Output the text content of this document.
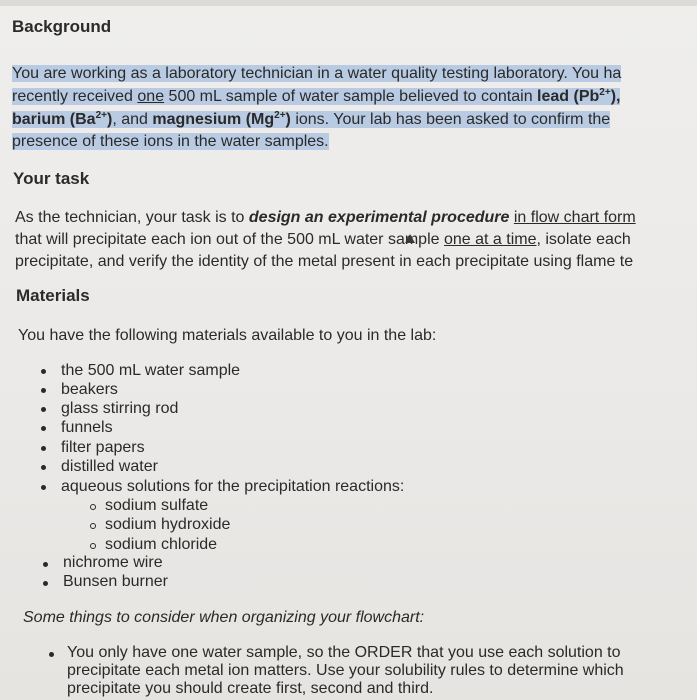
Background

You are working as a laboratory technician in a water quality testing laboratory. You ha

recently received one 500 mL sample of water sample believed to contain lead $(Pb^{2+})$,

barium $(Ba^{2+})$, and magnesium $(Mg^{2+})$ ions. Your lab has been asked to confirm the

presence of these ions in the water samples.

Your task

As the technician, your task is to design an experimental procedure in flow chart form

that will precipitate each ion out of the 500 mL water sample one at a time, isolate each

precipitate, and verify the identity of the metal present in each precipitate using flame te

Materials

You have the following materials available to you in the lab:

the 500 mL water sample

beakers

glass stirring rod

funnels

filter papers

distilled water

aqueous solutions for the precipitation reactions:

sodium sulfate

sodium hydroxide

sodium chloride

nichrome wire

Bunsen burner

Some things to consider when organizing your flowchart:

You only have one water sample, so the ORDER that you use each solution to

precipitate each metal ion matters. Use your solubility rules to determine which

precipitate you should create first, second and third.
